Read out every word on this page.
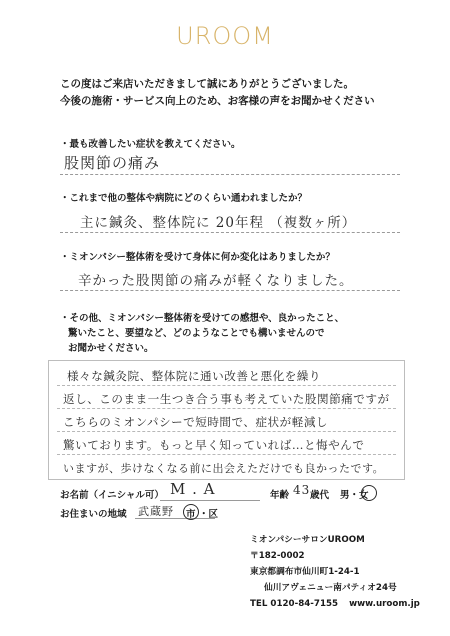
UROOM
この度はご来店いただきまして誠にありがとうございました。
今後の施術・サービス向上のため、お客様の声をお聞かせください
・最も改善したい症状を教えてください。
股関節の痛み
・これまで他の整体や病院にどのくらい通われましたか？
主に鍼灸、整体院に 20年程 （複数ヶ所）
・ミオンパシー整体術を受けて身体に何か変化はありましたか？
辛かった股関節の痛みが軽くなりました。
・その他、ミオンパシー整体術を受けての感想や、良かったこと、
驚いたこと、要望など、どのようなことでも構いませんので
お聞かせください。
様々な鍼灸院、整体院に通い改善と悪化を繰り
返し、このまま一生つき合う事も考えていた股関節痛ですが
こちらのミオンパシーで短時間で、症状が軽減し
驚いております。もっと早く知っていれば…と悔やんで
いますが、歩けなくなる前に出会えただけでも良かったです。
お名前（イニシャル可） M . A	年齢 43 歳代 男・女
お住まいの地域 武蔵野 市 ・区
ミオンパシーサロンUROOM
〒182-0002
東京都調布市仙川町1-24-1
仙川アヴェニュー南パティオ24号
TEL 0120-84-7155 www.uroom.jp
